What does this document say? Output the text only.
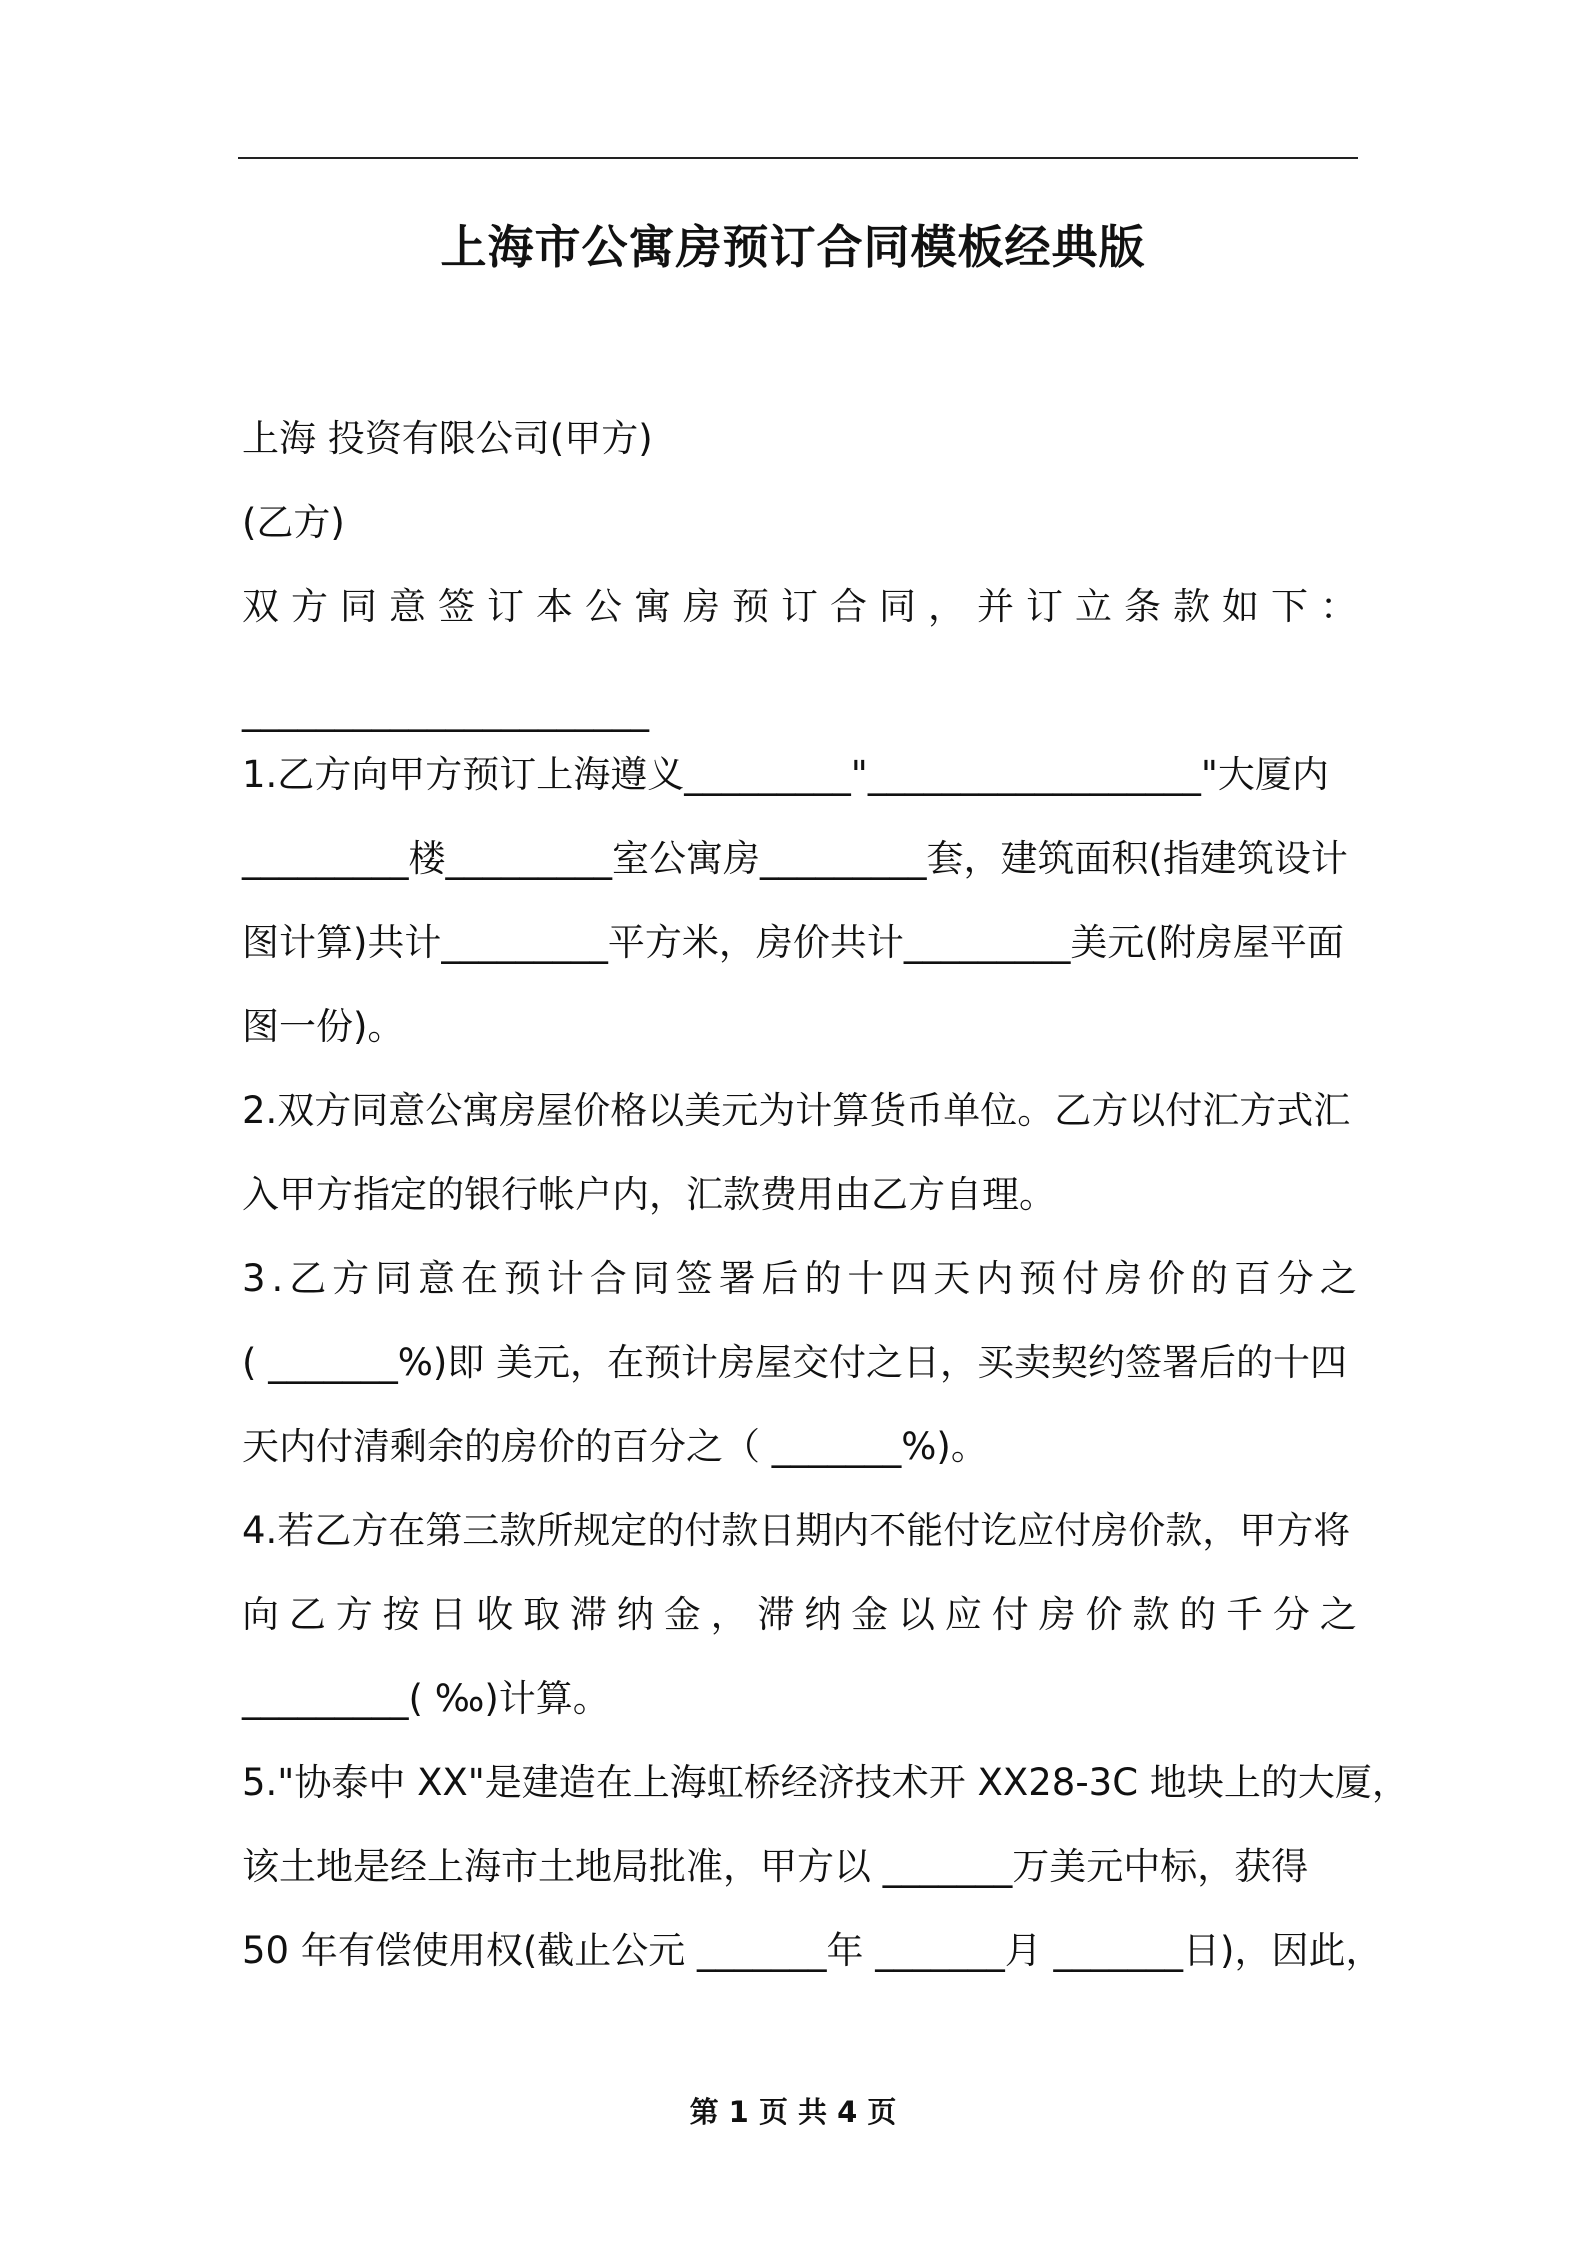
上海市公寓房预订合同模板经典版
上海 投资有限公司(甲方)
(乙方)
双 方 同 意 签 订 本 公 寓 房 预 订 合 同 ， 并 订 立 条 款 如 下 ：
______________________
1.乙方向甲方预订上海遵义_________"__________________"大厦内
_________楼_________室公寓房_________套，建筑面积(指建筑设计
图计算)共计_________平方米，房价共计_________美元(附房屋平面
图一份)。
2.双方同意公寓房屋价格以美元为计算货币单位。乙方以付汇方式汇
入甲方指定的银行帐户内，汇款费用由乙方自理。
3 . 乙 方 同 意 在 预 计 合 同 签 署 后 的 十 四 天 内 预 付 房 价 的 百 分 之
( _______%)即 美元，在预计房屋交付之日，买卖契约签署后的十四
天内付清剩余的房价的百分之（ _______%)。
4.若乙方在第三款所规定的付款日期内不能付讫应付房价款，甲方将
向 乙 方 按 日 收 取 滞 纳 金 ， 滞 纳 金 以 应 付 房 价 款 的 千 分 之
_________( ‰)计算。
5."协泰中 XX"是建造在上海虹桥经济技术开 XX28-3C 地块上的大厦，
该土地是经上海市土地局批准，甲方以 _______万美元中标，获得
50 年有偿使用权(截止公元 _______年 _______月 _______日)，因此，
第 1 页 共 4 页
